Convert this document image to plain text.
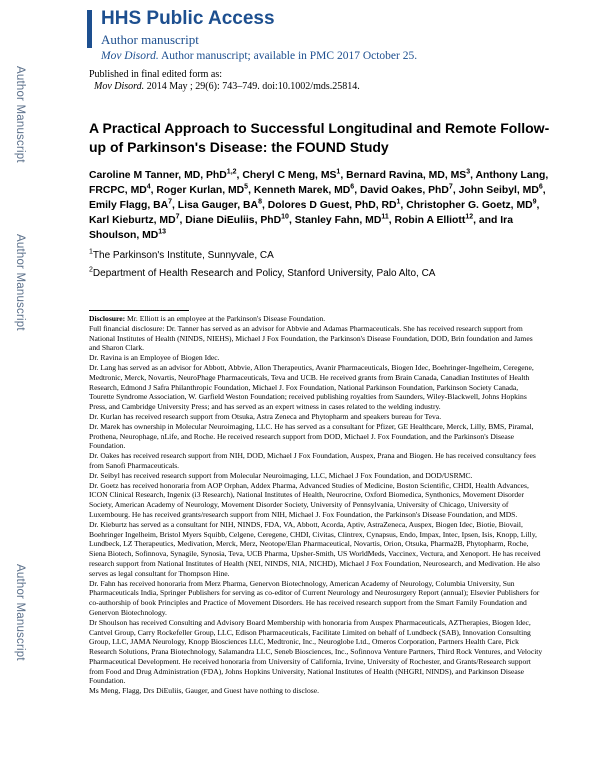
Author Manuscript
Author Manuscript
Author Manuscript
HHS Public Access
Author manuscript
Mov Disord. Author manuscript; available in PMC 2017 October 25.
Published in final edited form as:
Mov Disord. 2014 May ; 29(6): 743–749. doi:10.1002/mds.25814.
A Practical Approach to Successful Longitudinal and Remote Follow-up of Parkinson's Disease: the FOUND Study

Caroline M Tanner, MD, PhD$^{1,2}$, Cheryl C Meng, $MS^1$, Bernard Ravina, MD, $MS^3$, Anthony Lang, FRCPC, $MD^4$, Roger Kurlan, $MD^5$, Kenneth Marek, $MD^6$, David Oakes, PhD$^7$, John Seibyl, $MD^6$, Emily Flagg, $BA^7$, Lisa Gauger, $BA^8$, Dolores D Guest, PhD, $RD^1$, Christopher G. Goetz, $MD^9$, Karl Kieburtz, $MD^7$, Diane DiEuliis, PhD$^{10}$, Stanley Fahn, MD$^{11}$, Robin A Elliott$^{12}$, and Ira Shoulson, MD$^{13}$

$^1$The Parkinson's Institute, Sunnyvale, CA

$^2$Department of Health Research and Policy, Stanford University, Palo Alto, CA

Disclosure: Mr. Elliott is an employee at the Parkinson's Disease Foundation.

Full financial disclosure: Dr. Tanner has served as an advisor for Abbvie and Adamas Pharmaceuticals. She has received research support from National Institutes of Health (NINDS, NIEHS), Michael J Fox Foundation, the Parkinson's Disease Foundation, DOD, Brin foundation and James and Sharon Clark.

Dr. Ravina is an Employee of Biogen Idec.

Dr. Lang has served as an advisor for Abbott, Abbvie, Allon Therapeutics, Avanir Pharmaceuticals, Biogen Idec, Boehringer-Ingelheim, Ceregene, Medtronic, Merck, Novartis, NeuroPhage Pharmaceuticals, Teva and UCB. He received grants from Brain Canada, Canadian Institutes of Health Research, Edmond J Safra Philanthropic Foundation, Michael J. Fox Foundation, National Parkinson Foundation, Parkinson Society Canada, Tourette Syndrome Association, W. Garfield Weston Foundation; received publishing royalties from Saunders, Wiley-Blackwell, Johns Hopkins Press, and Cambridge University Press; and has served as an expert witness in cases related to the welding industry.

Dr. Kurlan has received research support from Otsuka, Astra Zeneca and Phytopharm and speakers bureau for Teva.

Dr. Marek has ownership in Molecular Neuroimaging, LLC. He has served as a consultant for Pfizer, GE Healthcare, Merck, Lilly, BMS, Piramal, Prothena, Neurophage, nLife, and Roche. He received research support from DOD, Michael J. Fox Foundation, and the Parkinson's Disease Foundation.

Dr. Oakes has received research support from NIH, DOD, Michael J Fox Foundation, Auspex, Prana and Biogen. He has received consultancy fees from Sanofi Pharmaceuticals.

Dr. Seibyl has received research support from Molecular Neuroimaging, LLC, Michael J Fox Foundation, and DOD/USRMC.

Dr. Goetz has received honoraria from AOP Orphan, Addex Pharma, Advanced Studies of Medicine, Boston Scientific, CHDI, Health Advances, ICON Clinical Research, Ingenix (i3 Research), National Institutes of Health, Neurocrine, Oxford Biomedica, Synthonics, Movement Disorder Society, American Academy of Neurology, Movement Disorder Society, University of Pennsylvania, University of Chicago, University of Luxembourg. He has received grants/research support from NIH, Michael J. Fox Foundation, the Parkinson's Disease Foundation, and MDS.

Dr. Kieburtz has served as a consultant for NIH, NINDS, FDA, VA, Abbott, Acorda, Aptiv, AstraZeneca, Auspex, Biogen Idec, Biotie, Biovail, Boehringer Ingelheim, Bristol Myers Squibb, Celgene, Ceregene, CHDI, Civitas, Clintrex, Cynapsus, Endo, Impax, Intec, Ipsen, Isis, Knopp, Lilly, Lundbeck, LZ Therapeutics, Medivation, Merck, Merz, Neotope/Elan Pharmaceutical, Novartis, Orion, Otsuka, Pharma2B, Phytopharm, Roche, Siena Biotech, Sofinnova, Synagile, Synosia, Teva, UCB Pharma, Upsher-Smith, US WorldMeds, Vaccinex, Vectura, and Xenoport. He has received research support from National Institutes of Health (NEI, NINDS, NIA, NICHD), Michael J Fox Foundation, Neurosearch, and Medivation. He also serves as legal consultant for Thompson Hine.

Dr. Fahn has received honoraria from Merz Pharma, Genervon Biotechnology, American Academy of Neurology, Columbia University, Sun Pharmaceuticals India, Springer Publishers for serving as co-editor of Current Neurology and Neurosurgery Report (annual); Elsevier Publishers for co-authorship of book Principles and Practice of Movement Disorders. He has received research support from the Smart Family Foundation and Genervon Biotechnology.

Dr Shoulson has received Consulting and Advisory Board Membership with honoraria from Auspex Pharmaceuticals, AZTherapies, Biogen Idec, Cantvel Group, Carry Rockefeller Group, LLC, Edison Pharmaceuticals, Facilitate Limited on behalf of Lundbeck (SAB), Innovation Consulting Group, LLC, JAMA Neurology, Knopp Biosciences LLC, Medtronic, Inc., Neuroglobe Ltd., Omeros Corporation, Partners Health Care, Pick Research Solutions, Prana Biotechnology, Salamandra LLC, Seneb Biosciences, Inc., Sofinnova Venture Partners, Third Rock Ventures, and Velocity Pharmaceutical Development. He received honoraria from University of California, Irvine, University of Rochester, and Grants/Research support from Food and Drug Administration (FDA), Johns Hopkins University, National Institutes of Health (NHGRI, NINDS), and Parkinson Disease Foundation.

Ms Meng, Flagg, Drs DiEuliis, Gauger, and Guest have nothing to disclose.
